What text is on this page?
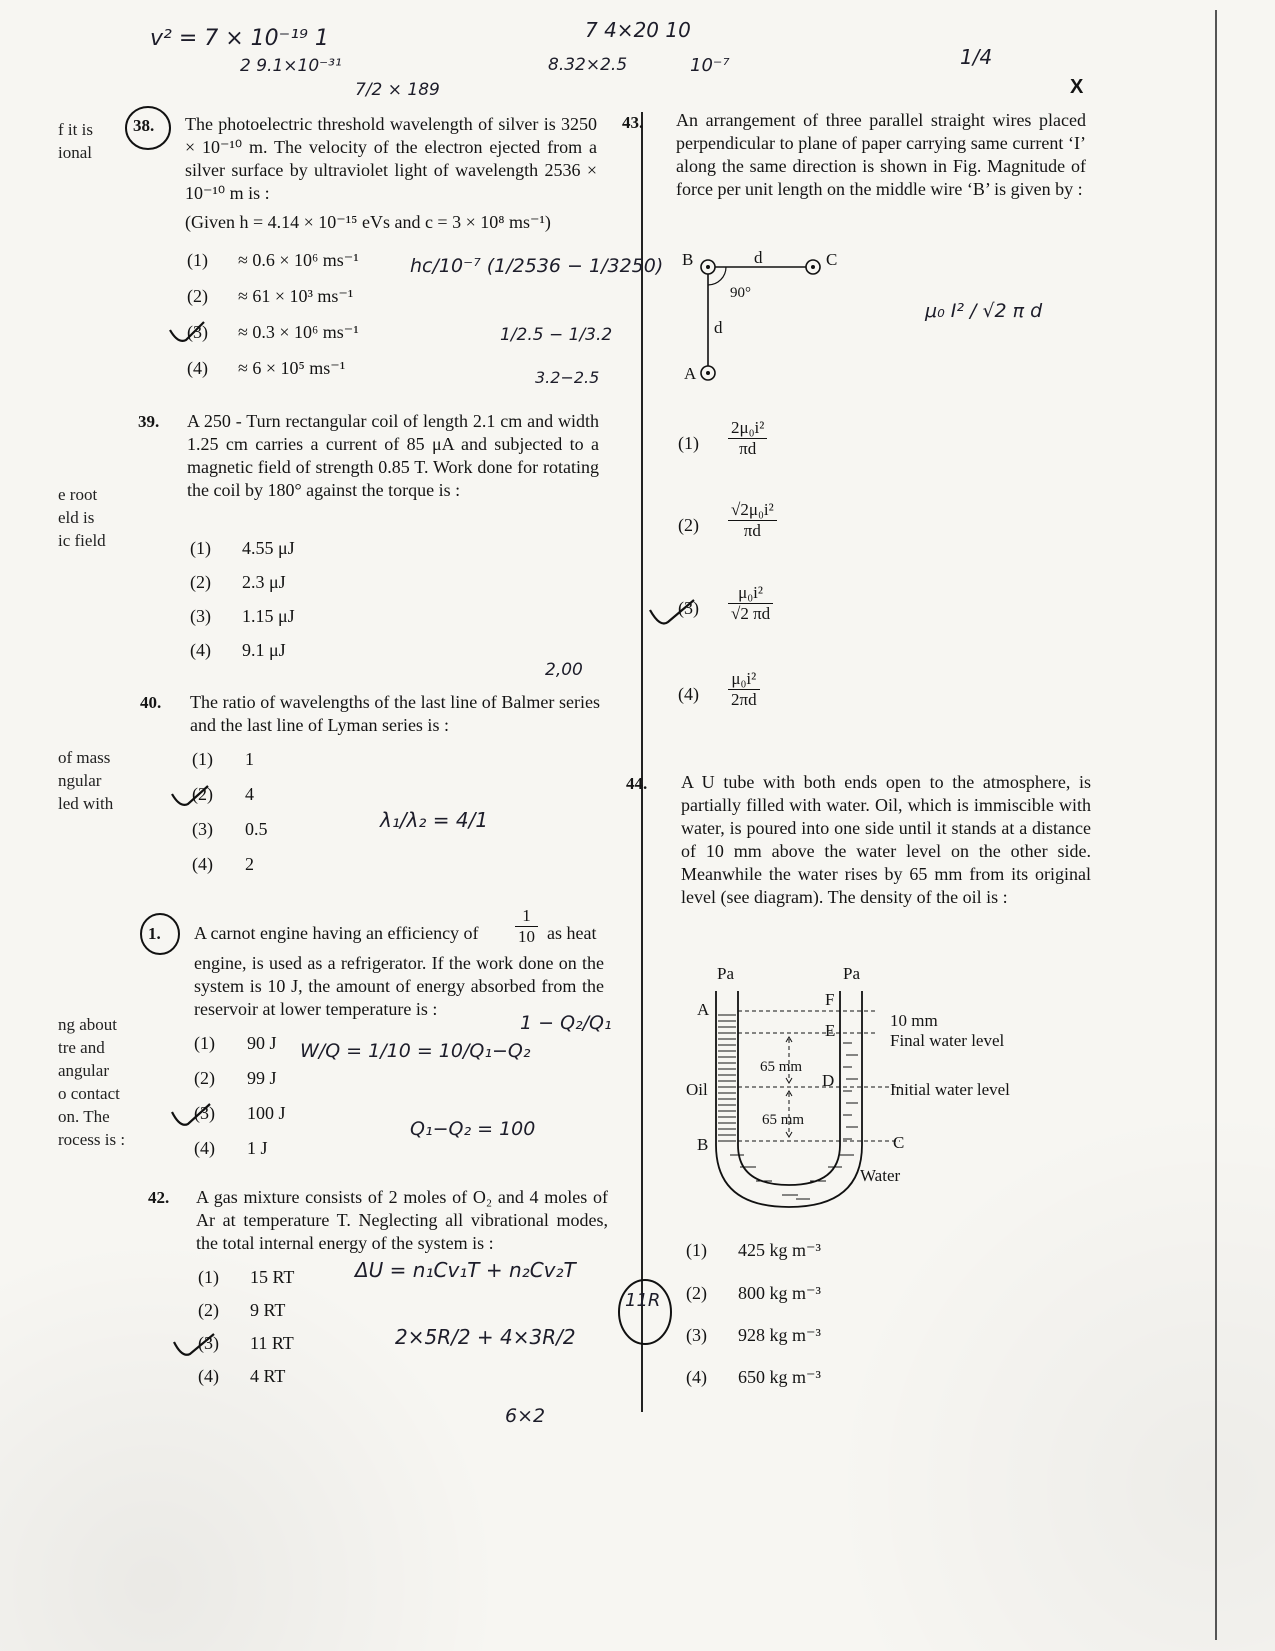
X
f it is
ional
e root
eld is
ic field
of mass
ngular
led with
ng about
tre and
angular
o contact
on. The
rocess is :
v² = 7 × 10⁻¹⁹ 1
2 9.1×10⁻³¹
7/2 × 189
8.32×2.5
7 4×20 10
10⁻⁷	1/4
38. The photoelectric threshold wavelength of silver is 3250 × 10⁻¹⁰ m. The velocity of the electron ejected from a silver surface by ultraviolet light of wavelength 2536 × 10⁻¹⁰ m is :
(Given h = 4.14 × 10⁻¹⁵ eVs and c = 3 × 10⁸ ms⁻¹)
(1) ≈ 0.6 × 10⁶ ms⁻¹
(2) ≈ 61 × 10³ ms⁻¹
(3) ≈ 0.3 × 10⁶ ms⁻¹
(4) ≈ 6 × 10⁵ ms⁻¹
hc/10⁻⁷ (1/2536 − 1/3250)
1/2.5 − 1/3.2
3.2−2.5
39. A 250 - Turn rectangular coil of length 2.1 cm and width 1.25 cm carries a current of 85 μA and subjected to a magnetic field of strength 0.85 T. Work done for rotating the coil by 180° against the torque is :
(1) 4.55 μJ
(2) 2.3 μJ
(3) 1.15 μJ
(4) 9.1 μJ
40. The ratio of wavelengths of the last line of Balmer series and the last line of Lyman series is :
(1) 1
(2) 4
(3) 0.5
(4) 2
λ₁/λ₂ = 4/1
2,00
1. A carnot engine having an efficiency of $\frac{1}{10}$ as heat
engine, is used as a refrigerator. If the work done on the system is 10 J, the amount of energy absorbed from the reservoir at lower temperature is :
(1) 90 J
(2) 99 J
(3) 100 J
(4) 1 J
1 − Q₂/Q₁
W/Q = 1/10 = 10/Q₁−Q₂
Q₁−Q₂ = 100
42. A gas mixture consists of 2 moles of O₂ and 4 moles of Ar at temperature T. Neglecting all vibrational modes, the total internal energy of the system is :
(1) 15 RT
(2) 9 RT
(3) 11 RT
(4) 4 RT
ΔU = n₁Cv₁T + n₂Cv₂T
2×5R/2 + 4×3R/2
11R
6×2
43. An arrangement of three parallel straight wires placed perpendicular to plane of paper carrying same current ‘I’ along the same direction is shown in Fig. Magnitude of force per unit length on the middle wire ‘B’ is given by :
B	C
A
d
d
90°
μ₀ I² / √2 π d
$(1) \frac{\text{2μ₀i²}}{\pi d}$
$(2) \frac{\text{√2μ₀i²}}{\pi d}$
$(3) \frac{\text{μ₀i²}}{√2 \pi d}$
$(4) \frac{\text{μ₀i²}}{2\pi d}$
44. A U tube with both ends open to the atmosphere, is partially filled with water. Oil, which is immiscible with water, is poured into one side until it stands at a distance of 10 mm above the water level on the other side. Meanwhile the water rises by 65 mm from its original level (see diagram). The density of the oil is :
Pa	Pa
A
F
E
D
Oil
B	C
Water
10 mm
Final water level
Initial water level
65 mm
65 mm
(1) 425 kg m⁻³
(2) 800 kg m⁻³
(3) 928 kg m⁻³
(4) 650 kg m⁻³
